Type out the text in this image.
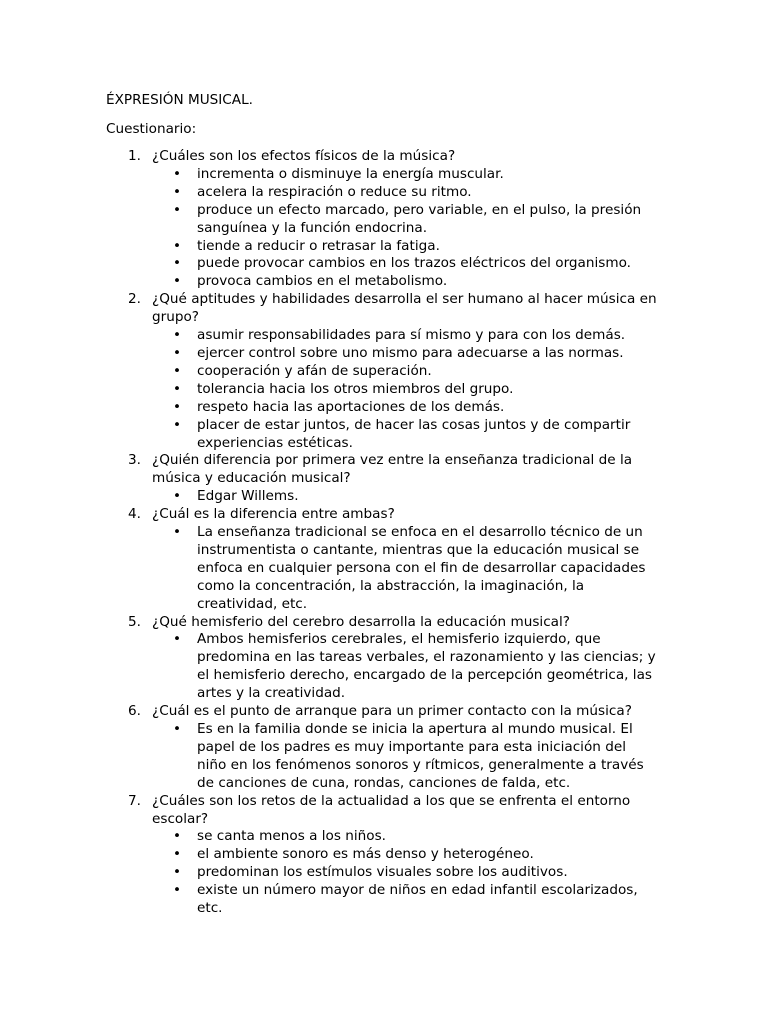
ÉXPRESIÓN MUSICAL.

Cuestionario:

1. ¿Cuáles son los efectos físicos de la música?
• incrementa o disminuye la energía muscular.
• acelera la respiración o reduce su ritmo.
• produce un efecto marcado, pero variable, en el pulso, la presión sanguínea y la función endocrina.
• tiende a reducir o retrasar la fatiga.
• puede provocar cambios en los trazos eléctricos del organismo.
• provoca cambios en el metabolismo.
2. ¿Qué aptitudes y habilidades desarrolla el ser humano al hacer música en grupo?
• asumir responsabilidades para sí mismo y para con los demás.
• ejercer control sobre uno mismo para adecuarse a las normas.
• cooperación y afán de superación.
• tolerancia hacia los otros miembros del grupo.
• respeto hacia las aportaciones de los demás.
• placer de estar juntos, de hacer las cosas juntos y de compartir experiencias estéticas.
3. ¿Quién diferencia por primera vez entre la enseñanza tradicional de la música y educación musical?
• Edgar Willems.
4. ¿Cuál es la diferencia entre ambas?
• La enseñanza tradicional se enfoca en el desarrollo técnico de un instrumentista o cantante, mientras que la educación musical se enfoca en cualquier persona con el fin de desarrollar capacidades como la concentración, la abstracción, la imaginación, la creatividad, etc.
5. ¿Qué hemisferio del cerebro desarrolla la educación musical?
• Ambos hemisferios cerebrales, el hemisferio izquierdo, que predomina en las tareas verbales, el razonamiento y las ciencias; y el hemisferio derecho, encargado de la percepción geométrica, las artes y la creatividad.
6. ¿Cuál es el punto de arranque para un primer contacto con la música?
• Es en la familia donde se inicia la apertura al mundo musical. El papel de los padres es muy importante para esta iniciación del niño en los fenómenos sonoros y rítmicos, generalmente a través de canciones de cuna, rondas, canciones de falda, etc.
7. ¿Cuáles son los retos de la actualidad a los que se enfrenta el entorno escolar?
• se canta menos a los niños.
• el ambiente sonoro es más denso y heterogéneo.
• predominan los estímulos visuales sobre los auditivos.
• existe un número mayor de niños en edad infantil escolarizados, etc.
